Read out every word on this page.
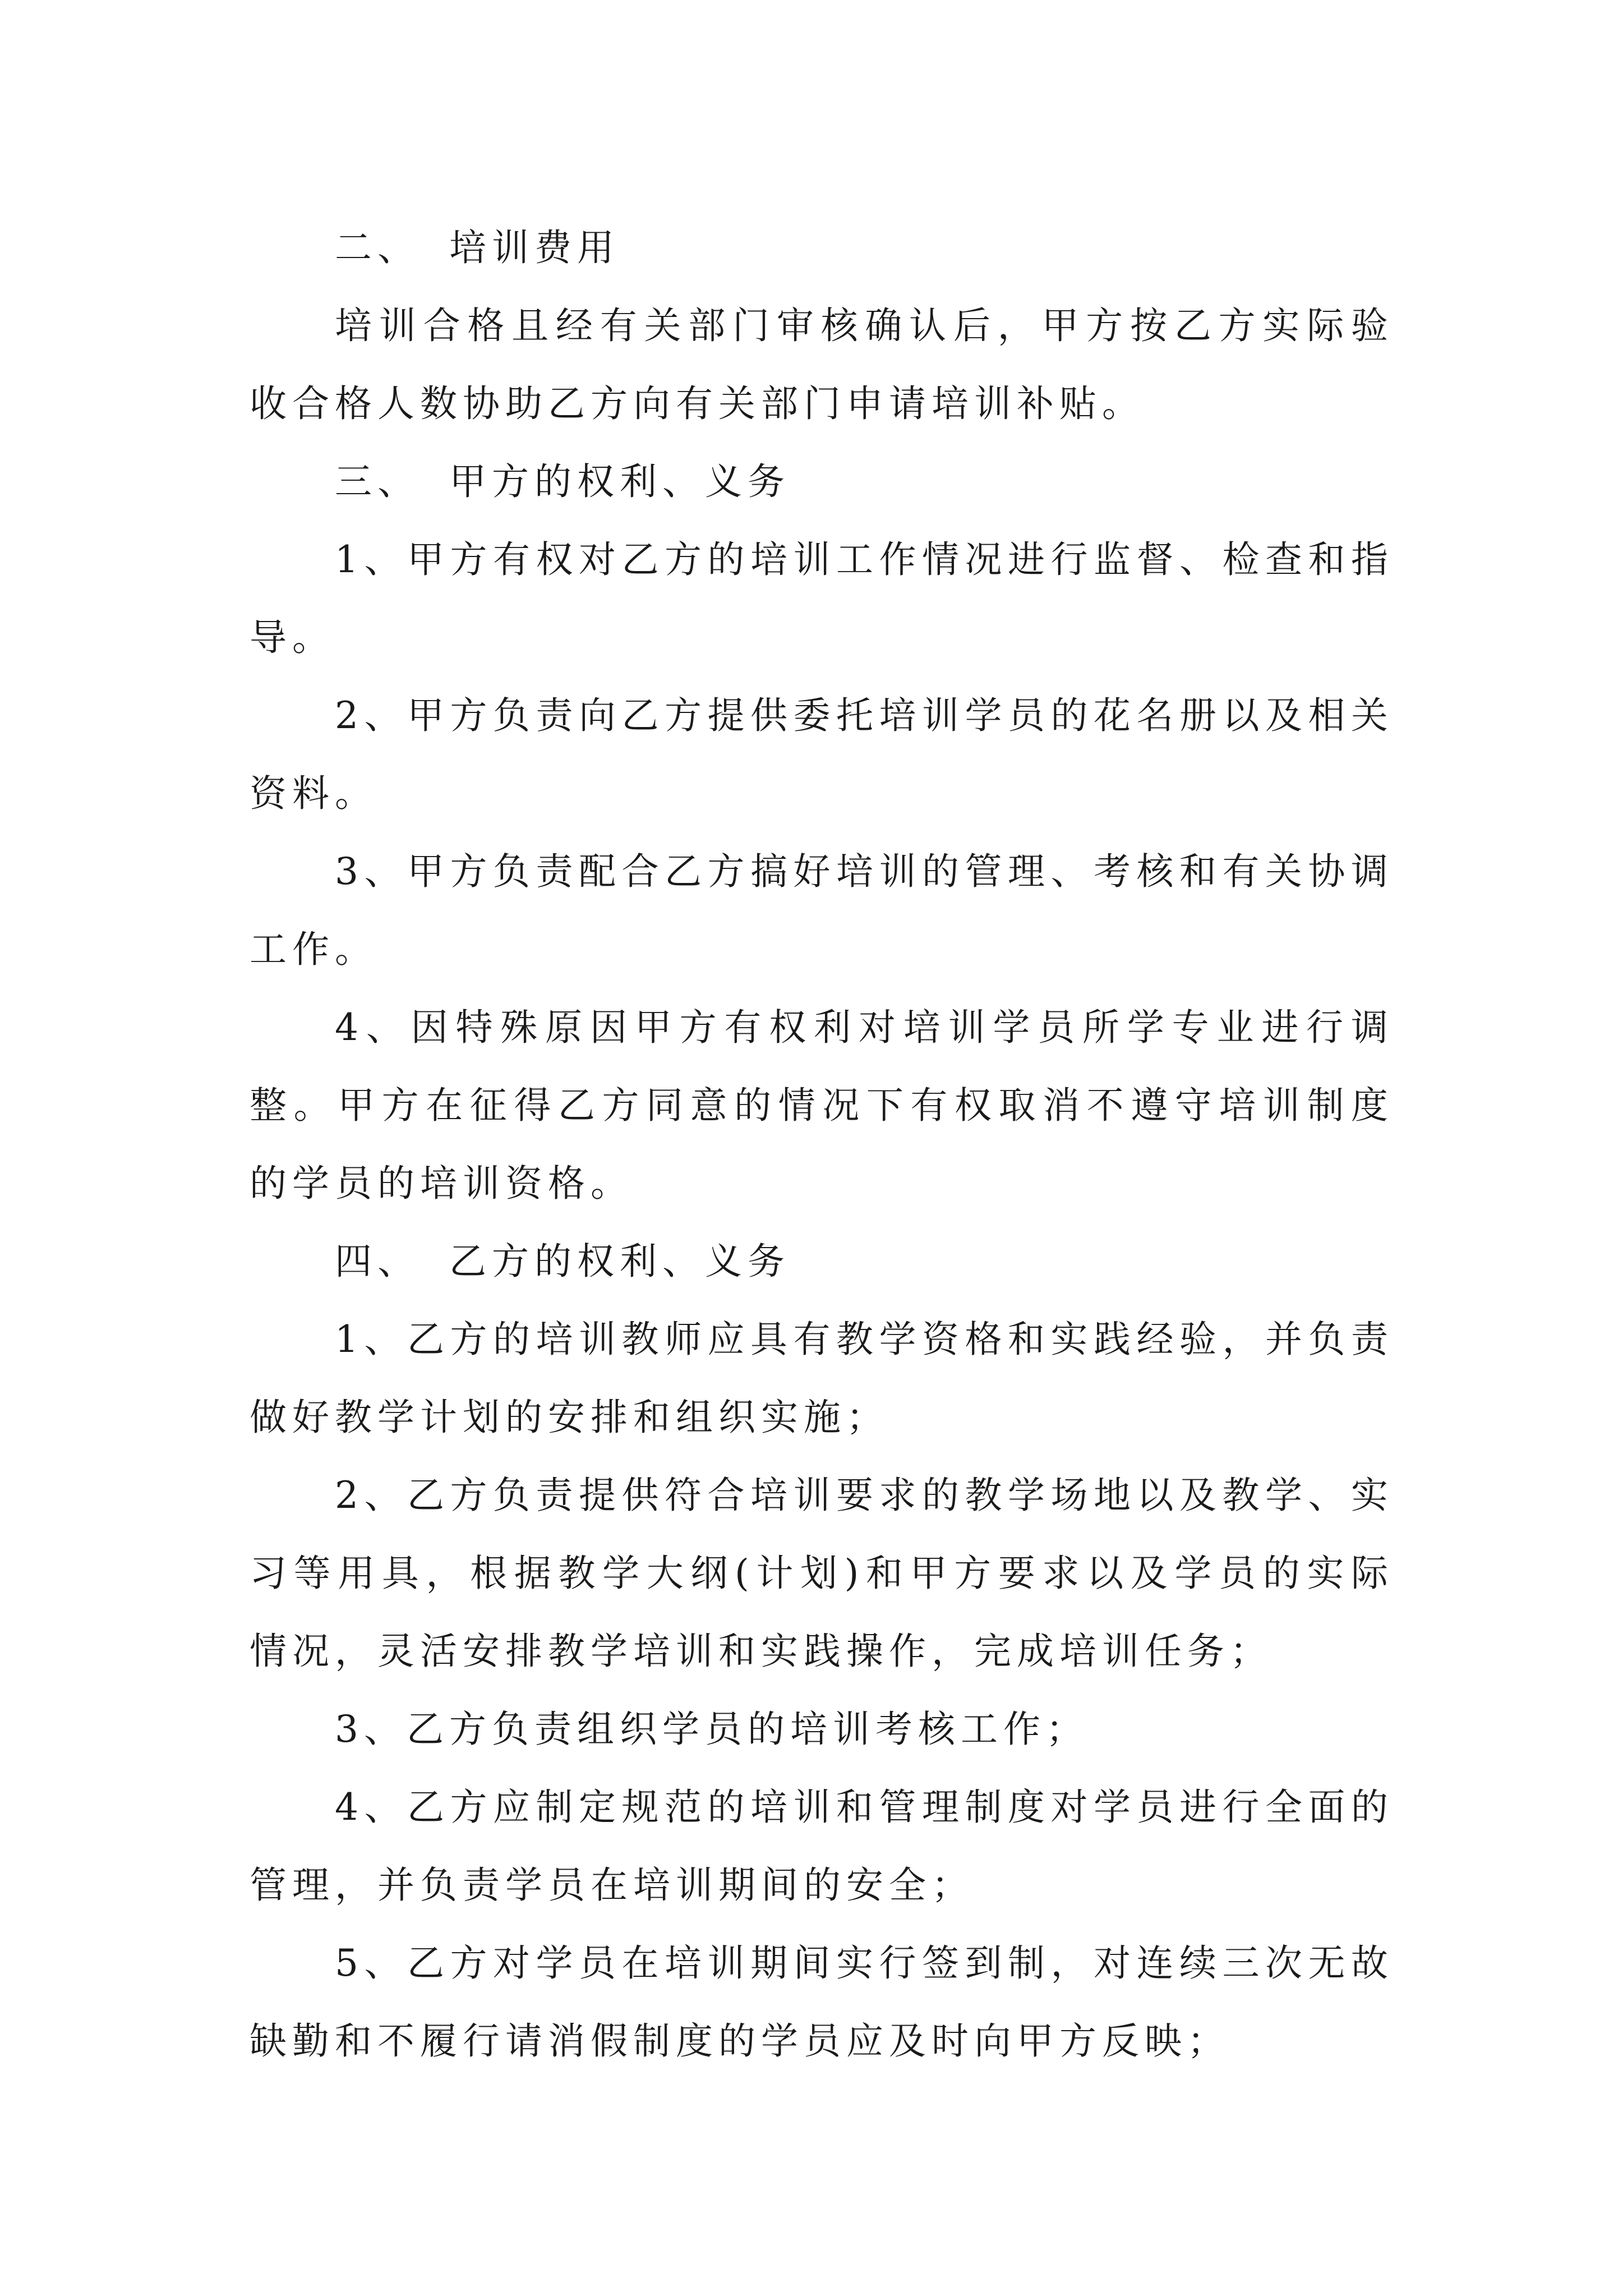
二、 培训费用

培训合格且经有关部门审核确认后，甲方按乙方实际验收合格人数协助乙方向有关部门申请培训补贴。

三、 甲方的权利、义务

1、甲方有权对乙方的培训工作情况进行监督、检查和指导。

2、甲方负责向乙方提供委托培训学员的花名册以及相关资料。

3、甲方负责配合乙方搞好培训的管理、考核和有关协调工作。

4、因特殊原因甲方有权利对培训学员所学专业进行调整。甲方在征得乙方同意的情况下有权取消不遵守培训制度的学员的培训资格。

四、 乙方的权利、义务

1、乙方的培训教师应具有教学资格和实践经验，并负责做好教学计划的安排和组织实施；

2、乙方负责提供符合培训要求的教学场地以及教学、实习等用具，根据教学大纲(计划)和甲方要求以及学员的实际情况，灵活安排教学培训和实践操作，完成培训任务；

3、乙方负责组织学员的培训考核工作；

4、乙方应制定规范的培训和管理制度对学员进行全面的管理，并负责学员在培训期间的安全；

5、乙方对学员在培训期间实行签到制，对连续三次无故缺勤和不履行请消假制度的学员应及时向甲方反映；
